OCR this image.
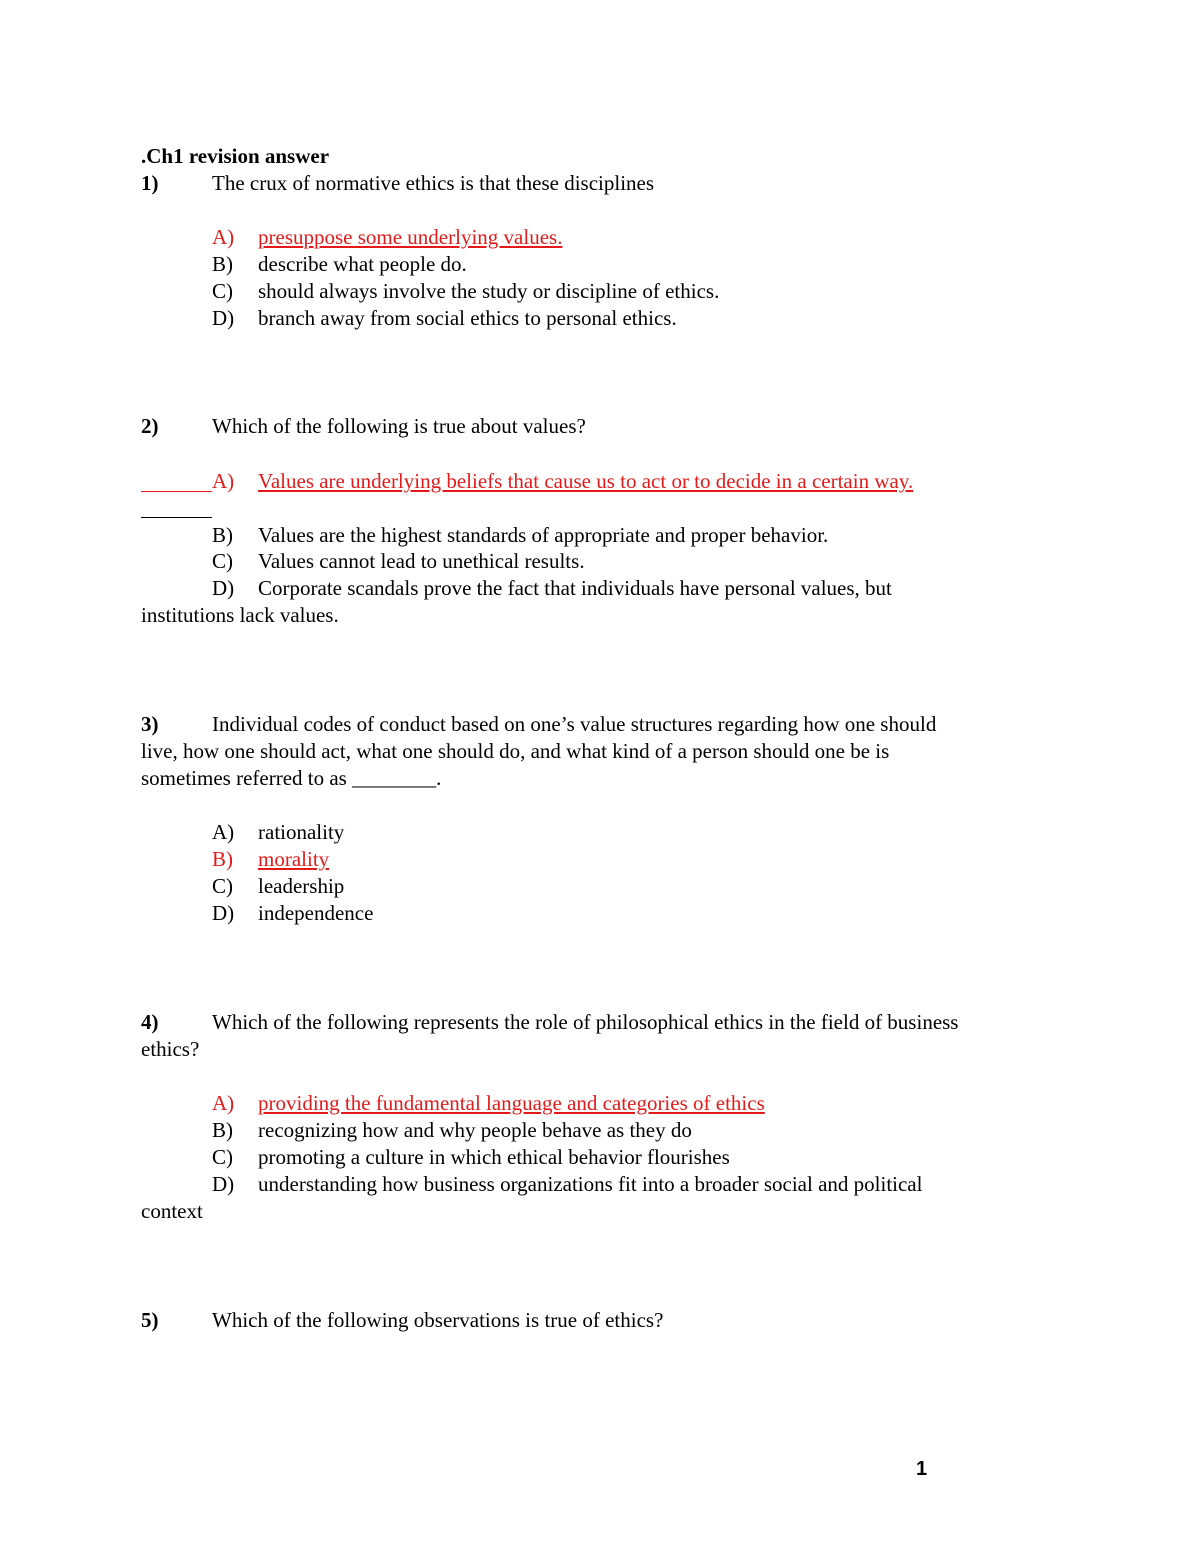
.Ch1 revision answer
1)	The crux of normative ethics is that these disciplines
A) presuppose some underlying values.
B) describe what people do.
C) should always involve the study or discipline of ethics.
D) branch away from social ethics to personal ethics.
2)	Which of the following is true about values?
A) Values are underlying beliefs that cause us to act or to decide in a certain way.
B) Values are the highest standards of appropriate and proper behavior.
C) Values cannot lead to unethical results.
D) Corporate scandals prove the fact that individuals have personal values, but
institutions lack values.
3)	Individual codes of conduct based on one’s value structures regarding how one should
live, how one should act, what one should do, and what kind of a person should one be is
sometimes referred to as ________.
A) rationality
B) morality
C) leadership
D) independence
4)	Which of the following represents the role of philosophical ethics in the field of business
ethics?
A) providing the fundamental language and categories of ethics
B) recognizing how and why people behave as they do
C) promoting a culture in which ethical behavior flourishes
D) understanding how business organizations fit into a broader social and political
context
5)	Which of the following observations is true of ethics?
1
